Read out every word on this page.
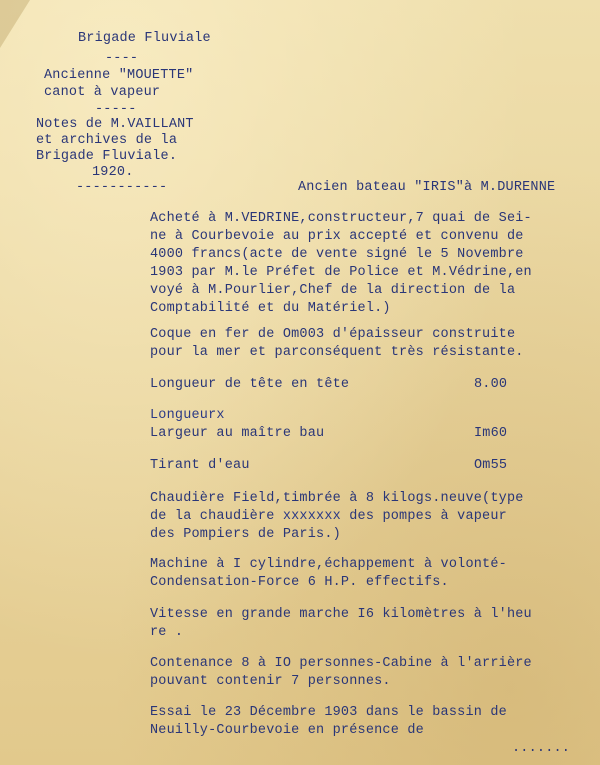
Brigade Fluviale
----
Ancienne "MOUETTE"
canot à vapeur
-----
Notes de M.VAILLANT
et archives de la
Brigade Fluviale.
1920.
-----------	Ancien bateau "IRIS"à M.DURENNE
Acheté à M.VEDRINE,constructeur,7 quai de Sei-
ne à Courbevoie au prix accepté et convenu de
4000 francs(acte de vente signé le 5 Novembre
1903 par M.le Préfet de Police et M.Védrine,en
voyé à M.Pourlier,Chef de la direction de la
Comptabilité et du Matériel.)
Coque en fer de Om003 d'épaisseur construite
pour la mer et parconséquent très résistante.
Longueur de tête en tête	8.00
Longueurx
Largeur au maître bau	Im60
Tirant d'eau	Om55
Chaudière Field,timbrée à 8 kilogs.neuve(type
de la chaudière xxxxxxx des pompes à vapeur
des Pompiers de Paris.)
Machine à I cylindre,échappement à volonté-
Condensation-Force 6 H.P. effectifs.
Vitesse en grande marche I6 kilomètres à l'heu
re .
Contenance 8 à IO personnes-Cabine à l'arrière
pouvant contenir 7 personnes.
Essai le 23 Décembre 1903 dans le bassin de
Neuilly-Courbevoie en présence de
.......
